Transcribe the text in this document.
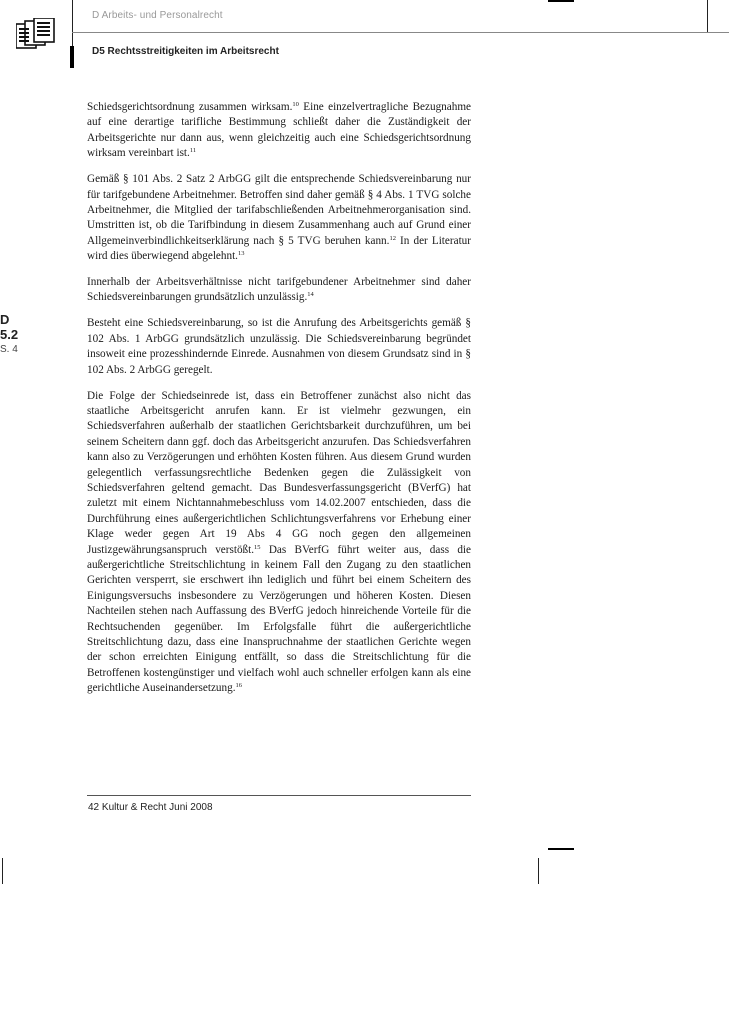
D Arbeits- und Personalrecht
D5 Rechtsstreitigkeiten im Arbeitsrecht
D
5.2
S. 4

Schiedsgerichtsordnung zusammen wirksam.$^{10}$ Eine einzelvertragliche Bezugnahme auf eine derartige tarifliche Bestimmung schließt daher die Zuständigkeit der Arbeitsgerichte nur dann aus, wenn gleichzeitig auch eine Schiedsgerichtsordnung wirksam vereinbart ist.$^{11}$

Gemäß § 101 Abs. 2 Satz 2 ArbGG gilt die entsprechende Schiedsvereinbarung nur für tarifgebundene Arbeitnehmer. Betroffen sind daher gemäß § 4 Abs. 1 TVG solche Arbeitnehmer, die Mitglied der tarifabschließenden Arbeitnehmerorganisation sind. Umstritten ist, ob die Tarifbindung in diesem Zusammenhang auch auf Grund einer Allgemeinverbindlichkeitserklärung nach § 5 TVG beruhen kann.$^{12}$ In der Literatur wird dies überwiegend abgelehnt.$^{13}$

Innerhalb der Arbeitsverhältnisse nicht tarifgebundener Arbeitnehmer sind daher Schiedsvereinbarungen grundsätzlich unzulässig.$^{14}$

Besteht eine Schiedsvereinbarung, so ist die Anrufung des Arbeitsgerichts gemäß § 102 Abs. 1 ArbGG grundsätzlich unzulässig. Die Schiedsvereinbarung begründet insoweit eine prozesshindernde Einrede. Ausnahmen von diesem Grundsatz sind in § 102 Abs. 2 ArbGG geregelt.

Die Folge der Schiedseinrede ist, dass ein Betroffener zunächst also nicht das staatliche Arbeitsgericht anrufen kann. Er ist vielmehr gezwungen, ein Schiedsverfahren außerhalb der staatlichen Gerichtsbarkeit durchzuführen, um bei seinem Scheitern dann ggf. doch das Arbeitsgericht anzurufen. Das Schiedsverfahren kann also zu Verzögerungen und erhöhten Kosten führen. Aus diesem Grund wurden gelegentlich verfassungsrechtliche Bedenken gegen die Zulässigkeit von Schiedsverfahren geltend gemacht. Das Bundesverfassungsgericht (BVerfG) hat zuletzt mit einem Nichtannahmebeschluss vom 14.02.2007 entschieden, dass die Durchführung eines außergerichtlichen Schlichtungsverfahrens vor Erhebung einer Klage weder gegen Art 19 Abs 4 GG noch gegen den allgemeinen Justizgewährungsanspruch verstößt.$^{15}$ Das BVerfG führt weiter aus, dass die außergerichtliche Streitschlichtung in keinem Fall den Zugang zu den staatlichen Gerichten versperrt, sie erschwert ihn lediglich und führt bei einem Scheitern des Einigungsversuchs insbesondere zu Verzögerungen und höheren Kosten. Diesen Nachteilen stehen nach Auffassung des BVerfG jedoch hinreichende Vorteile für die Rechtsuchenden gegenüber. Im Erfolgsfalle führt die außergerichtliche Streitschlichtung dazu, dass eine Inanspruchnahme der staatlichen Gerichte wegen der schon erreichten Einigung entfällt, so dass die Streitschlichtung für die Betroffenen kostengünstiger und vielfach wohl auch schneller erfolgen kann als eine gerichtliche Auseinandersetzung.$^{16}$

42 Kultur & Recht Juni 2008
